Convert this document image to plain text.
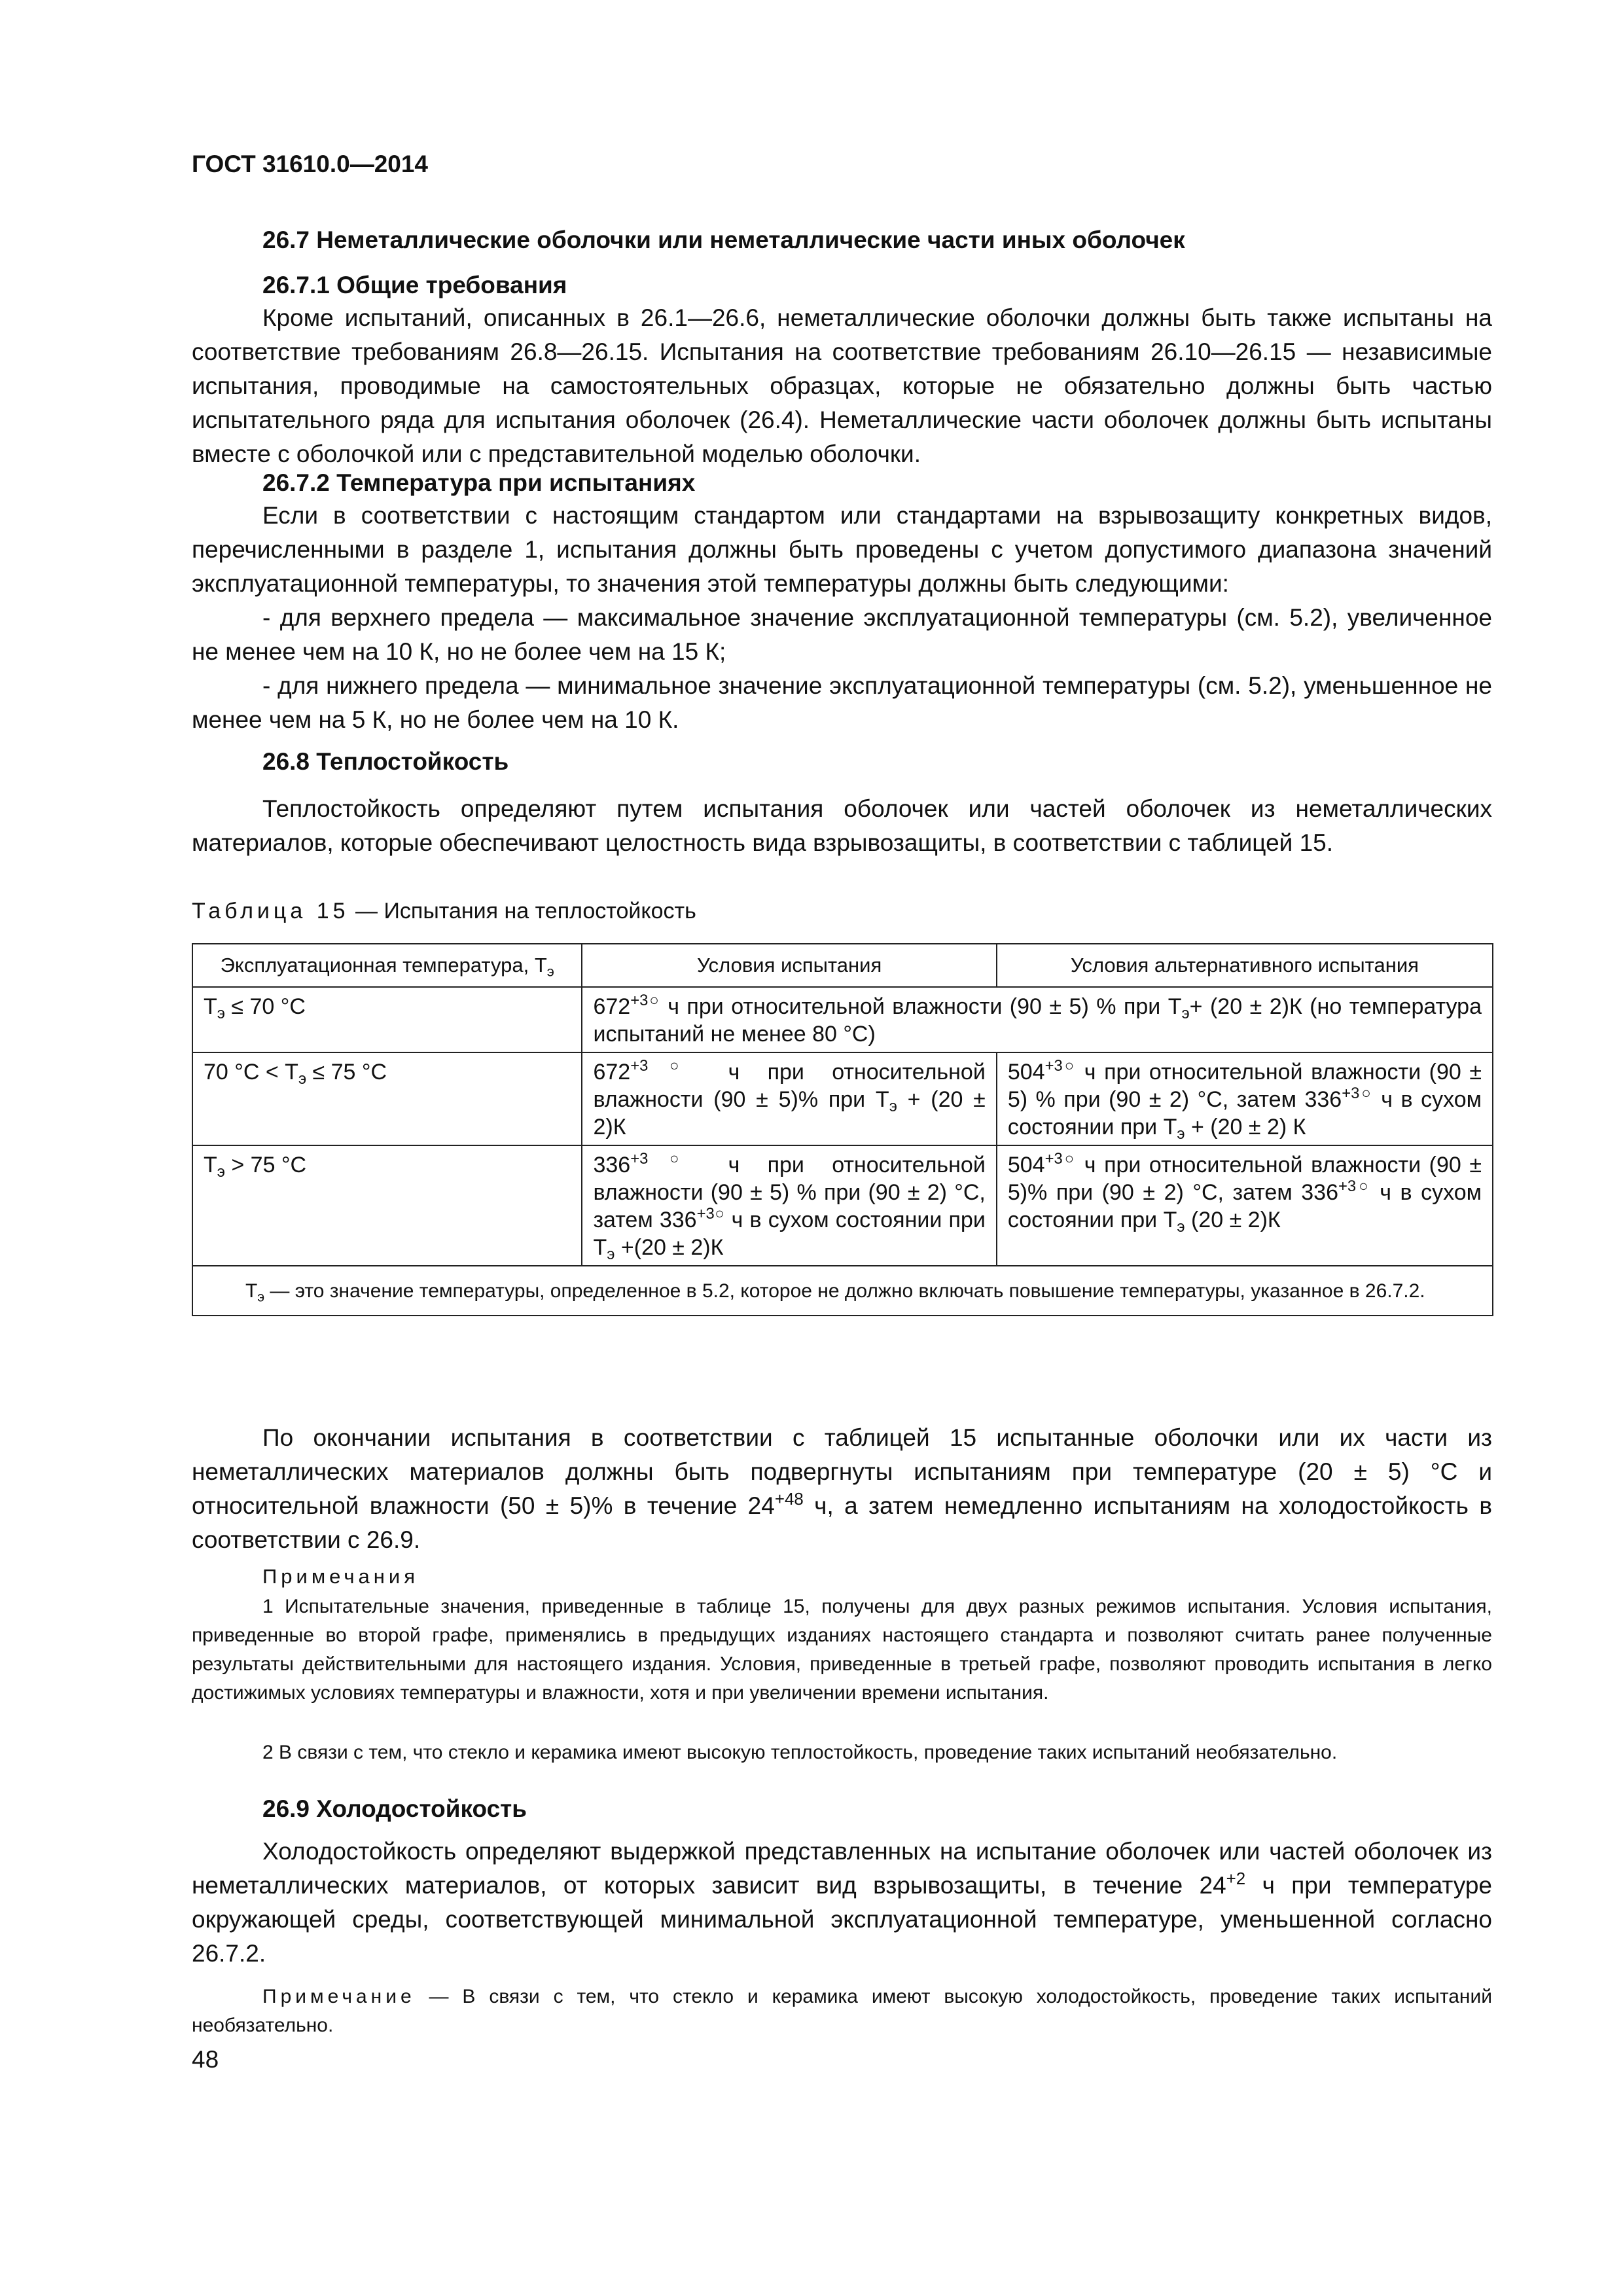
ГОСТ 31610.0—2014
26.7 Неметаллические оболочки или неметаллические части иных оболочек
26.7.1 Общие требования
Кроме испытаний, описанных в 26.1—26.6, неметаллические оболочки должны быть также испытаны на соответствие требованиям 26.8—26.15. Испытания на соответствие требованиям 26.10—26.15 — независимые испытания, проводимые на самостоятельных образцах, которые не обязательно должны быть частью испытательного ряда для испытания оболочек (26.4). Неметаллические части оболочек должны быть испытаны вместе с оболочкой или с представительной моделью оболочки.
26.7.2 Температура при испытаниях
Если в соответствии с настоящим стандартом или стандартами на взрывозащиту конкретных видов, перечисленными в разделе 1, испытания должны быть проведены с учетом допустимого диапазона значений эксплуатационной температуры, то значения этой температуры должны быть следующими:
- для верхнего предела — максимальное значение эксплуатационной температуры (см. 5.2), увеличенное не менее чем на 10 К, но не более чем на 15 К;
- для нижнего предела — минимальное значение эксплуатационной температуры (см. 5.2), уменьшенное не менее чем на 5 К, но не более чем на 10 К.
26.8 Теплостойкость
Теплостойкость определяют путем испытания оболочек или частей оболочек из неметаллических материалов, которые обеспечивают целостность вида взрывозащиты, в соответствии с таблицей 15.
Таблица 15 — Испытания на теплостойкость
Эксплуатационная температура, $Т_э$	Условия испытания	Условия альтернативного испытания
$Т_э \le 70$ °С	$672^{+3○}$ ч при относительной влажности (90 ± 5) % при $Т_э+ (20 \pm 2)К$ (но температура испытаний не менее 80 °С)	
70 $^\circ С < Т_э \le 75$ °С	$672^{+3○}$ ч при относительной влажности (90 ± 5)% при $Т_э + (20 \pm 2)К$	$504^{+3○}$ ч при относительной влажности (90 ± 5) % при (90 ± 2) °С, затем $336^{+3○}$ ч в сухом состоянии при $Т_э + (20 \pm 2)$ К
$Т_э > 75$ °С	$336^{+3○}$ ч при относительной влажности (90 ± 5) % при (90 ± 2) °С, затем $336^{+3○}$ ч в сухом состоянии при $Т_э +(20 \pm 2)К$	$504^{+3○}$ ч при относительной влажности (90 ± 5)% при (90 ± 2) °С, затем $336^{+3○}$ ч в сухом состоянии при $Т_э$ (20 ± 2)К
$Т_э$ — это значение температуры, определенное в 5.2, которое не должно включать повышение температуры, указанное в 26.7.2.		
По окончании испытания в соответствии с таблицей 15 испытанные оболочки или их части из неметаллических материалов должны быть подвергнуты испытаниям при температуре (20 ± 5) °С и относительной влажности (50 ± 5)% в течение $24^{+48}$ ч, а затем немедленно испытаниям на холодостойкость в соответствии с 26.9.
Примечания
1 Испытательные значения, приведенные в таблице 15, получены для двух разных режимов испытания. Условия испытания, приведенные во второй графе, применялись в предыдущих изданиях настоящего стандарта и позволяют считать ранее полученные результаты действительными для настоящего издания. Условия, приведенные в третьей графе, позволяют проводить испытания в легко достижимых условиях температуры и влажности, хотя и при увеличении времени испытания.
2 В связи с тем, что стекло и керамика имеют высокую теплостойкость, проведение таких испытаний необязательно.
26.9 Холодостойкость
Холодостойкость определяют выдержкой представленных на испытание оболочек или частей оболочек из неметаллических материалов, от которых зависит вид взрывозащиты, в течение $24^{+2}$ ч при температуре окружающей среды, соответствующей минимальной эксплуатационной температуре, уменьшенной согласно 26.7.2.
Примечание — В связи с тем, что стекло и керамика имеют высокую холодостойкость, проведение таких испытаний необязательно.
48
